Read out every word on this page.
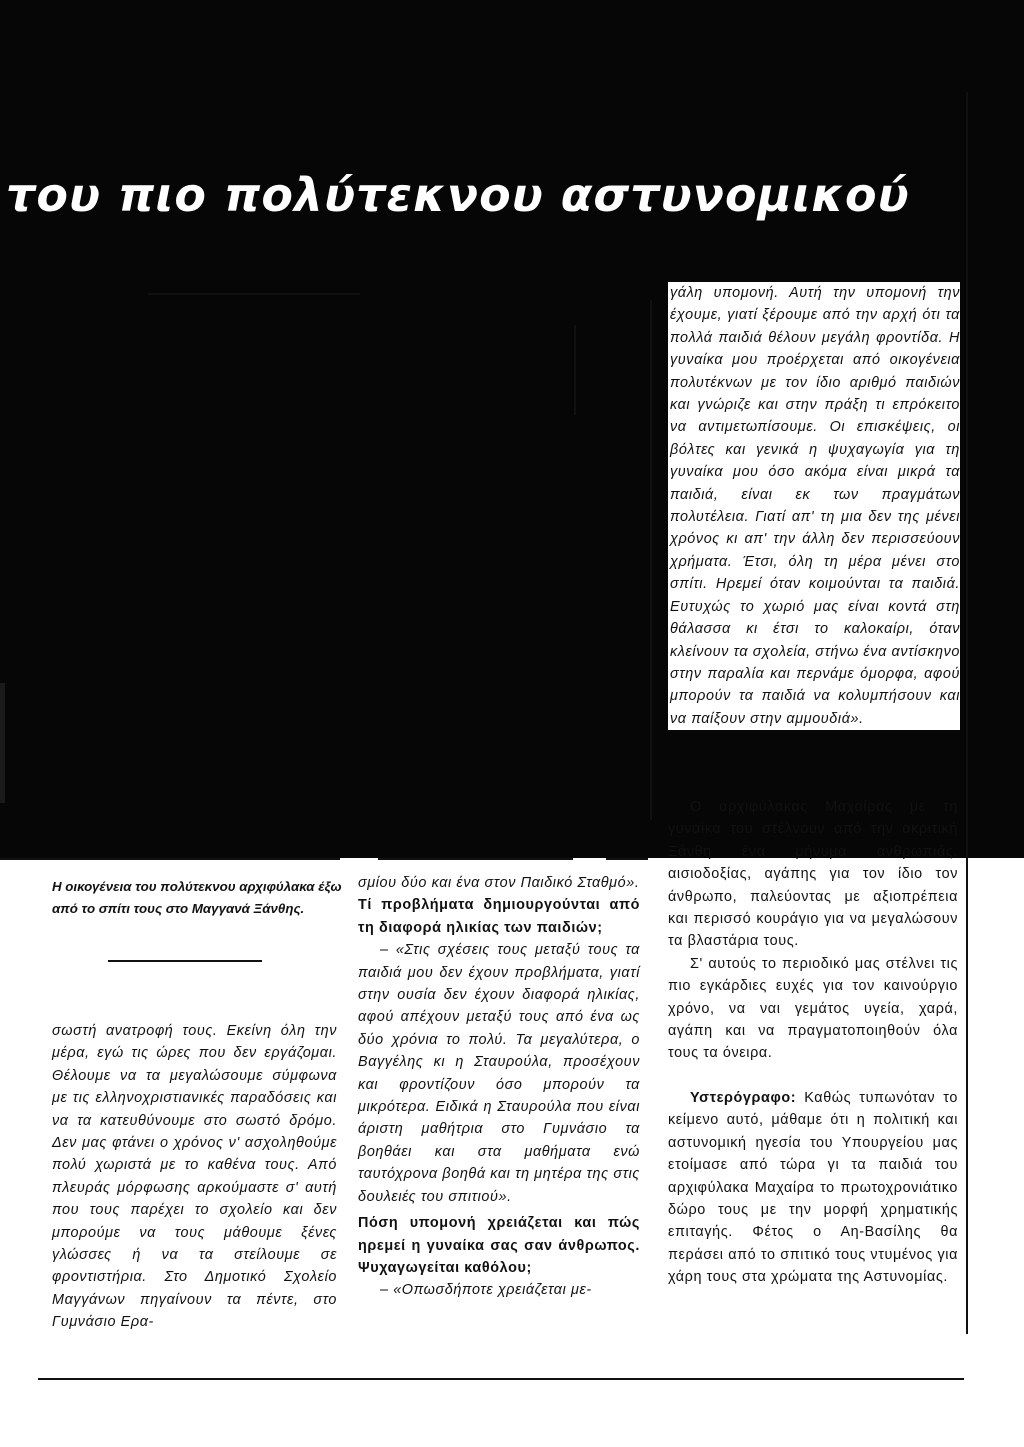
του πιο πολύτεκνου αστυνομικού
Η οικογένεια του πολύτεκνου αρχιφύλακα έξω από το σπίτι τους στο Μαγγανά Ξάνθης.

σωστή ανατροφή τους. Εκείνη όλη την μέρα, εγώ τις ώρες που δεν εργάζομαι. Θέλουμε να τα μεγαλώσουμε σύμφωνα με τις ελληνοχριστιανικές παραδόσεις και να τα κατευθύνουμε στο σωστό δρόμο. Δεν μας φτάνει ο χρόνος ν' ασχοληθούμε πολύ χωριστά με το καθένα τους. Από πλευράς μόρφωσης αρκούμαστε σ' αυτή που τους παρέχει το σχολείο και δεν μπορούμε να τους μάθουμε ξένες γλώσσες ή να τα στείλουμε σε φροντιστήρια. Στο Δημοτικό Σχολείο Μαγγάνων πηγαίνουν τα πέντε, στο Γυμνάσιο Ερα-

σμίου δύο και ένα στον Παιδικό Σταθμό».

Τί προβλήματα δημιουργούνται από τη διαφορά ηλικίας των παιδιών;

– «Στις σχέσεις τους μεταξύ τους τα παιδιά μου δεν έχουν προβλήματα, γιατί στην ουσία δεν έχουν διαφορά ηλικίας, αφού απέχουν μεταξύ τους από ένα ως δύο χρόνια το πολύ. Τα μεγαλύτερα, ο Βαγγέλης κι η Σταυρούλα, προσέχουν και φροντίζουν όσο μπορούν τα μικρότερα. Ειδικά η Σταυρούλα που είναι άριστη μαθήτρια στο Γυμνάσιο τα βοηθάει και στα μαθήματα ενώ ταυτόχρονα βοηθά και τη μητέρα της στις δουλειές του σπιτιού».

Πόση υπομονή χρειάζεται και πώς ηρεμεί η γυναίκα σας σαν άνθρωπος. Ψυχαγωγείται καθόλου;

– «Οπωσδήποτε χρειάζεται με-

γάλη υπομονή. Αυτή την υπομονή την έχουμε, γιατί ξέρουμε από την αρχή ότι τα πολλά παιδιά θέλουν μεγάλη φροντίδα. Η γυναίκα μου προέρχεται από οικογένεια πολυτέκνων με τον ίδιο αριθμό παιδιών και γνώριζε και στην πράξη τι επρόκειτο να αντιμετωπίσουμε. Οι επισκέψεις, οι βόλτες και γενικά η ψυχαγωγία για τη γυναίκα μου όσο ακόμα είναι μικρά τα παιδιά, είναι εκ των πραγμάτων πολυτέλεια. Γιατί απ' τη μια δεν της μένει χρόνος κι απ' την άλλη δεν περισσεύουν χρήματα. Έτσι, όλη τη μέρα μένει στο σπίτι. Ηρεμεί όταν κοιμούνται τα παιδιά. Ευτυχώς το χωριό μας είναι κοντά στη θάλασσα κι έτσι το καλοκαίρι, όταν κλείνουν τα σχολεία, στήνω ένα αντίσκηνο στην παραλία και περνάμε όμορφα, αφού μπορούν τα παιδιά να κολυμπήσουν και να παίξουν στην αμμουδιά».

Ο αρχιφύλακας Μαχαίρας με τη γυναίκα του στέλνουν από την ακριτική Ξάνθη ένα μήνυμα ανθρωπιάς, αισιοδοξίας, αγάπης για τον ίδιο τον άνθρωπο, παλεύοντας με αξιοπρέπεια και περισσό κουράγιο για να μεγαλώσουν τα βλαστάρια τους.

Σ' αυτούς το περιοδικό μας στέλνει τις πιο εγκάρδιες ευχές για τον καινούργιο χρόνο, να ναι γεμάτος υγεία, χαρά, αγάπη και να πραγματοποιηθούν όλα τους τα όνειρα.

Υστερόγραφο: Καθώς τυπωνόταν το κείμενο αυτό, μάθαμε ότι η πολιτική και αστυνομική ηγεσία του Υπουργείου μας ετοίμασε από τώρα γι τα παιδιά του αρχιφύλακα Μαχαίρα το πρωτοχρονιάτικο δώρο τους με την μορφή χρηματικής επιταγής. Φέτος ο Αη-Βασίλης θα περάσει από το σπιτικό τους ντυμένος για χάρη τους στα χρώματα της Αστυνομίας.
